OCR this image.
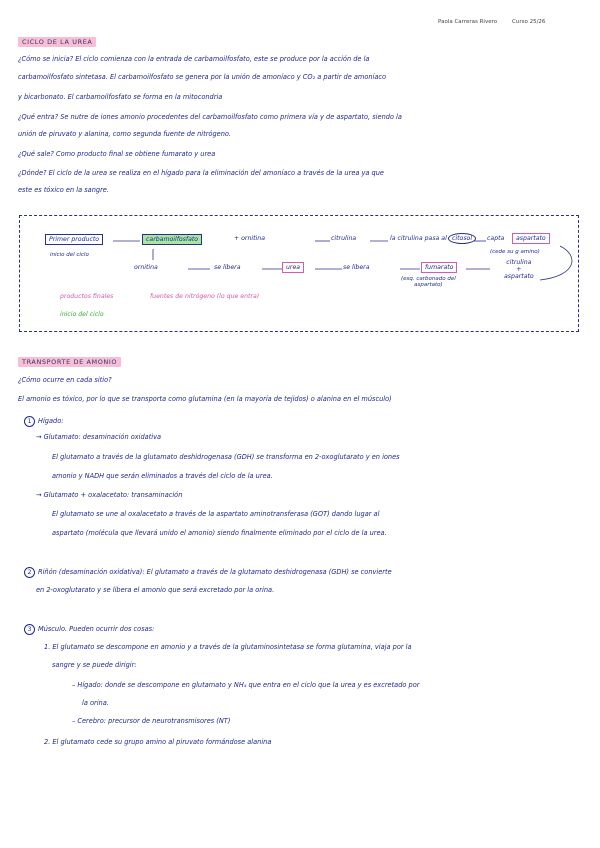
Paola Carreras Rivero	Curso 25/26
CICLO DE LA UREA
¿Cómo se inicia? El ciclo comienza con la entrada de carbamoilfosfato, este se produce por la acción de la
carbamoilfosfato sintetasa. El carbamoilfosfato se genera por la unión de amoníaco y CO₂ a partir de amoníaco
y bicarbonato. El carbamoilfosfato se forma en la mitocondria
¿Qué entra? Se nutre de iones amonio procedentes del carbamoilfosfato como primera vía y de aspartato, siendo la
unión de piruvato y alanina, como segunda fuente de nitrógeno.
¿Qué sale? Como producto final se obtiene fumarato y urea
¿Dónde? El ciclo de la urea se realiza en el hígado para la eliminación del amoníaco a través de la urea ya que
este es tóxico en la sangre.
Primer producto
inicio del ciclo
carbamoilfosfato	+ ornitina	citrulina	la citrulina pasa al citosol	capta	aspartato
(cede su g amino)
citrulina
+
aspartato
fumarato
(esq. carbonado del
aspartato)
se libera
urea
se libera
ornitina
productos finales	fuentes de nitrógeno (lo que entra)
inicio del ciclo
TRANSPORTE DE AMONIO
¿Cómo ocurre en cada sitio?
El amonio es tóxico, por lo que se transporta como glutamina (en la mayoría de tejidos) o alanina en el músculo)
1 Hígado:
→ Glutamato: desaminación oxidativa
El glutamato a través de la glutamato deshidrogenasa (GDH) se transforma en 2-oxoglutarato y en iones
amonio y NADH que serán eliminados a través del ciclo de la urea.
→ Glutamato + oxalacetato: transaminación
El glutamato se une al oxalacetato a través de la aspartato aminotransferasa (GOT) dando lugar al
aspartato (molécula que llevará unido el amonio) siendo finalmente eliminado por el ciclo de la urea.
2 Riñón (desaminación oxidativa): El glutamato a través de la glutamato deshidrogenasa (GDH) se convierte
en 2-oxoglutarato y se libera el amonio que será excretado por la orina.
3 Músculo. Pueden ocurrir dos cosas:
1. El glutamato se descompone en amonio y a través de la glutaminosintetasa se forma glutamina, viaja por la
sangre y se puede dirigir:
– Hígado: donde se descompone en glutamato y NH₄ que entra en el ciclo que la urea y es excretado por
la orina.
– Cerebro: precursor de neurotransmisores (NT)
2. El glutamato cede su grupo amino al piruvato formándose alanina
